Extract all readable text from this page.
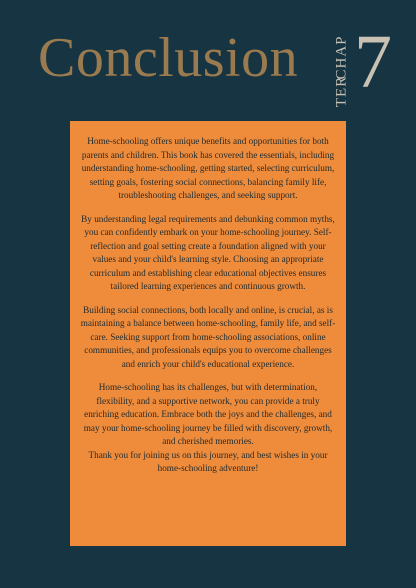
Conclusion CHAP
TER 7

Home-schooling offers unique benefits and opportunities for both parents and children. This book has covered the essentials, including understanding home-schooling, getting started, selecting curriculum, setting goals, fostering social connections, balancing family life, troubleshooting challenges, and seeking support.

By understanding legal requirements and debunking common myths, you can confidently embark on your home-schooling journey. Self-reflection and goal setting create a foundation aligned with your values and your child's learning style. Choosing an appropriate curriculum and establishing clear educational objectives ensures tailored learning experiences and continuous growth.

Building social connections, both locally and online, is crucial, as is maintaining a balance between home-schooling, family life, and self-care. Seeking support from home-schooling associations, online communities, and professionals equips you to overcome challenges and enrich your child's educational experience.

Home-schooling has its challenges, but with determination, flexibility, and a supportive network, you can provide a truly enriching education. Embrace both the joys and the challenges, and may your home-schooling journey be filled with discovery, growth, and cherished memories.

Thank you for joining us on this journey, and best wishes in your home-schooling adventure!
